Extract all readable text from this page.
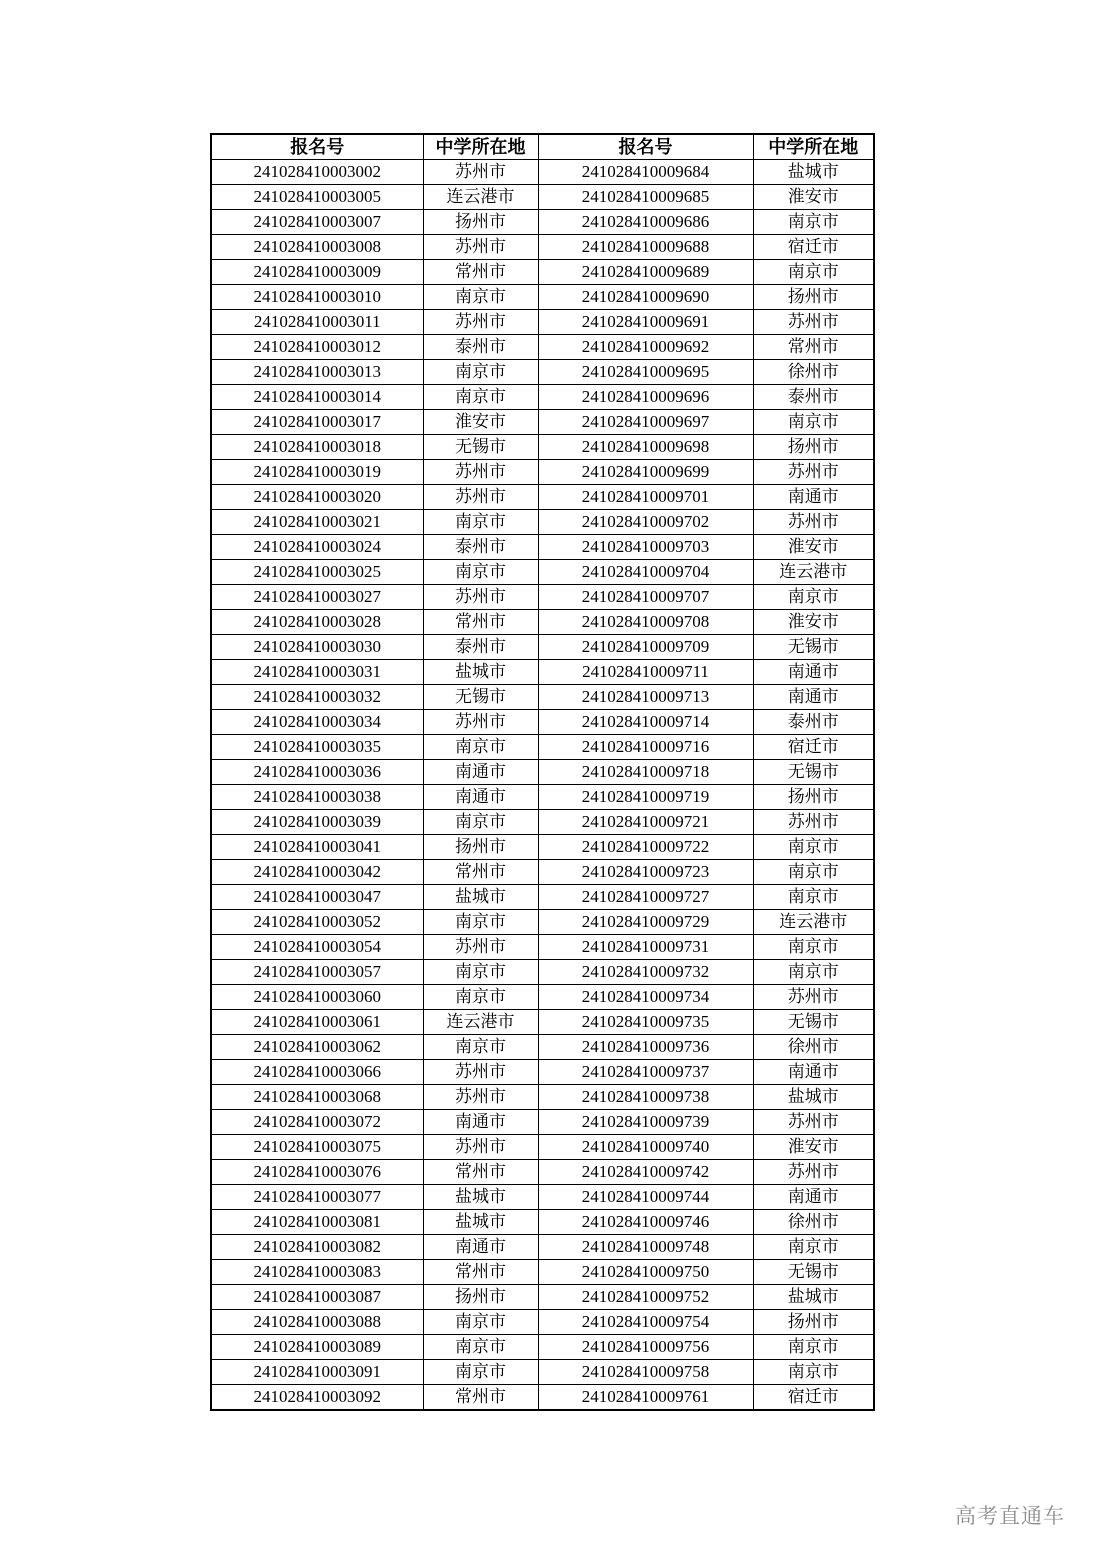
报名号	中学所在地	报名号	中学所在地
241028410003002	苏州市	241028410009684	盐城市
241028410003005	连云港市	241028410009685	淮安市
241028410003007	扬州市	241028410009686	南京市
241028410003008	苏州市	241028410009688	宿迁市
241028410003009	常州市	241028410009689	南京市
241028410003010	南京市	241028410009690	扬州市
241028410003011	苏州市	241028410009691	苏州市
241028410003012	泰州市	241028410009692	常州市
241028410003013	南京市	241028410009695	徐州市
241028410003014	南京市	241028410009696	泰州市
241028410003017	淮安市	241028410009697	南京市
241028410003018	无锡市	241028410009698	扬州市
241028410003019	苏州市	241028410009699	苏州市
241028410003020	苏州市	241028410009701	南通市
241028410003021	南京市	241028410009702	苏州市
241028410003024	泰州市	241028410009703	淮安市
241028410003025	南京市	241028410009704	连云港市
241028410003027	苏州市	241028410009707	南京市
241028410003028	常州市	241028410009708	淮安市
241028410003030	泰州市	241028410009709	无锡市
241028410003031	盐城市	241028410009711	南通市
241028410003032	无锡市	241028410009713	南通市
241028410003034	苏州市	241028410009714	泰州市
241028410003035	南京市	241028410009716	宿迁市
241028410003036	南通市	241028410009718	无锡市
241028410003038	南通市	241028410009719	扬州市
241028410003039	南京市	241028410009721	苏州市
241028410003041	扬州市	241028410009722	南京市
241028410003042	常州市	241028410009723	南京市
241028410003047	盐城市	241028410009727	南京市
241028410003052	南京市	241028410009729	连云港市
241028410003054	苏州市	241028410009731	南京市
241028410003057	南京市	241028410009732	南京市
241028410003060	南京市	241028410009734	苏州市
241028410003061	连云港市	241028410009735	无锡市
241028410003062	南京市	241028410009736	徐州市
241028410003066	苏州市	241028410009737	南通市
241028410003068	苏州市	241028410009738	盐城市
241028410003072	南通市	241028410009739	苏州市
241028410003075	苏州市	241028410009740	淮安市
241028410003076	常州市	241028410009742	苏州市
241028410003077	盐城市	241028410009744	南通市
241028410003081	盐城市	241028410009746	徐州市
241028410003082	南通市	241028410009748	南京市
241028410003083	常州市	241028410009750	无锡市
241028410003087	扬州市	241028410009752	盐城市
241028410003088	南京市	241028410009754	扬州市
241028410003089	南京市	241028410009756	南京市
241028410003091	南京市	241028410009758	南京市
241028410003092	常州市	241028410009761	宿迁市
高考直通车
